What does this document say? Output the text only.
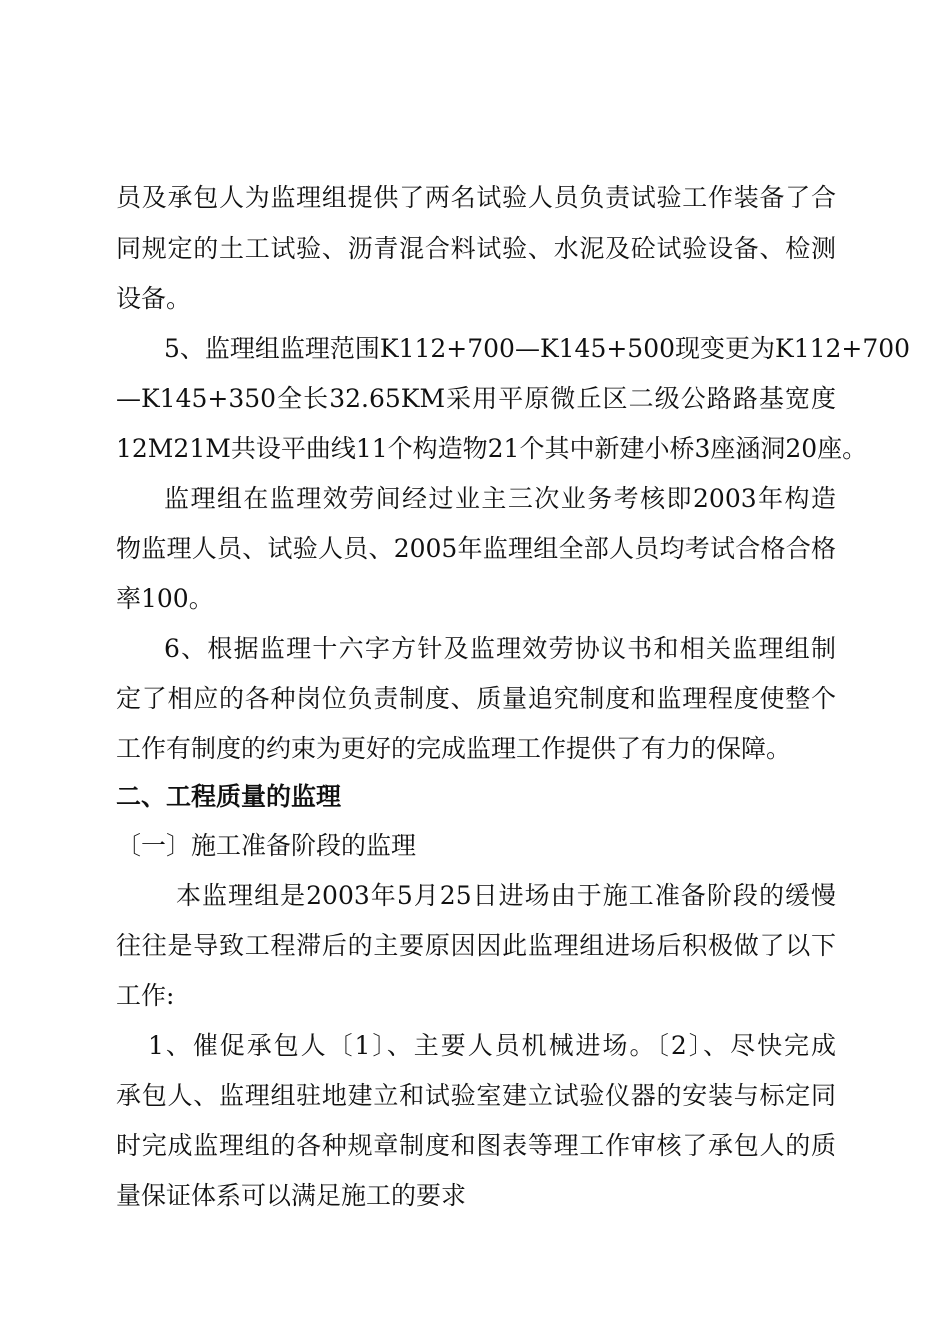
员及承包人为监理组提供了两名试验人员负责试验工作装备了合
同规定的土工试验、沥青混合料试验、水泥及砼试验设备、检测
设备。
5、监理组监理范围K112+700—K145+500现变更为K112+700
—K145+350全长32.65KM采用平原微丘区二级公路路基宽度
12M21M共设平曲线11个构造物21个其中新建小桥3座涵洞20座。
监理组在监理效劳间经过业主三次业务考核即2003年构造
物监理人员、试验人员、2005年监理组全部人员均考试合格合格
率100。
6、根据监理十六字方针及监理效劳协议书和相关监理组制
定了相应的各种岗位负责制度、质量追究制度和监理程度使整个
工作有制度的约束为更好的完成监理工作提供了有力的保障。
二、工程质量的监理
〔一〕施工准备阶段的监理
本监理组是2003年5月25日进场由于施工准备阶段的缓慢
往往是导致工程滞后的主要原因因此监理组进场后积极做了以下
工作:
1、催促承包人〔1〕、主要人员机械进场。〔2〕、尽快完成
承包人、监理组驻地建立和试验室建立试验仪器的安装与标定同
时完成监理组的各种规章制度和图表等理工作审核了承包人的质
量保证体系可以满足施工的要求
